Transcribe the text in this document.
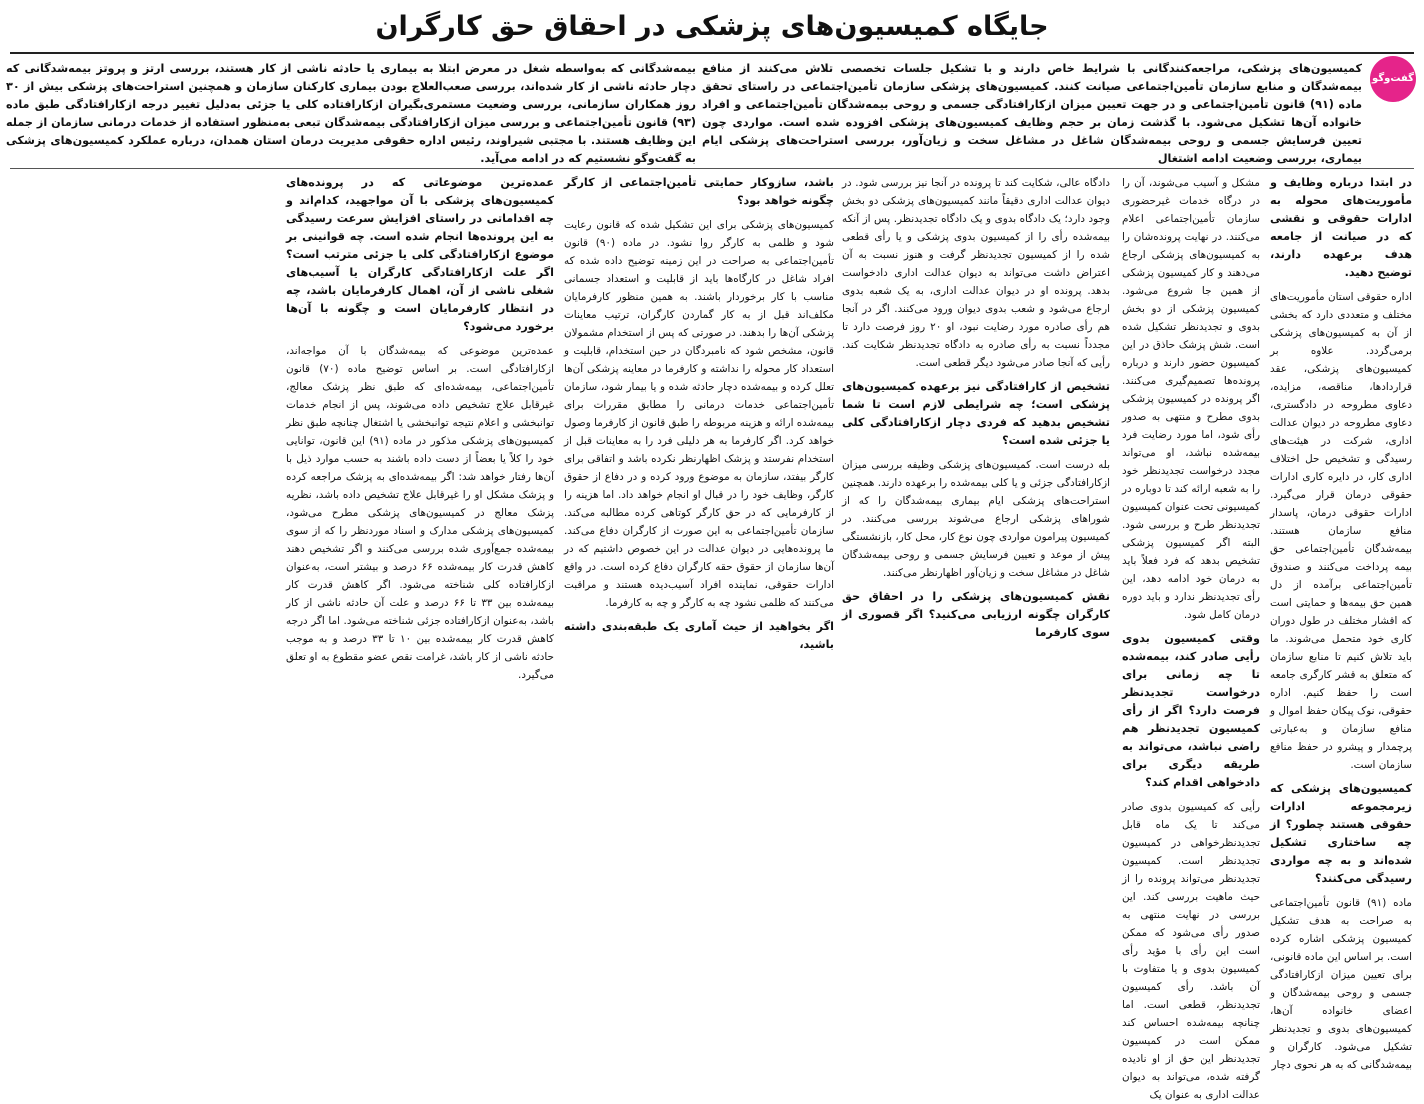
جایگاه کمیسیون‌های پزشکی در احقاق حق کارگران
گفت‌وگو
کمیسیون‌های پزشکی، مراجعه‌کنندگانی با شرایط خاص دارند و با تشکیل جلسات تخصصی تلاش می‌کنند از منافع بیمه‌شدگان و منابع سازمان تأمین‌اجتماعی صیانت کنند. کمیسیون‌های پزشکی سازمان تأمین‌اجتماعی در راستای تحقق ماده (۹۱) قانون تأمین‌اجتماعی و در جهت تعیین میزان ازکارافتادگی جسمی و روحی بیمه‌شدگان تأمین‌اجتماعی و افراد خانواده آن‌ها تشکیل می‌شود. با گذشت زمان بر حجم وظایف کمیسیون‌های پزشکی افزوده شده است. مواردی چون تعیین فرسایش جسمی و روحی بیمه‌شدگان شاغل در مشاغل سخت و زیان‌آور، بررسی استراحت‌های پزشکی ایام بیماری، بررسی وضعیت ادامه اشتغال
بیمه‌شدگانی که به‌واسطه شغل در معرض ابتلا به بیماری یا حادثه ناشی از کار هستند، بررسی ارتز و پروتز بیمه‌شدگانی که دچار حادثه ناشی از کار شده‌اند، بررسی صعب‌العلاج بودن بیماری کارکنان سازمان و همچنین استراحت‌های پزشکی بیش از ۳۰ روز همکاران سازمانی، بررسی وضعیت مستمری‌بگیران ازکارافتاده کلی یا جزئی به‌دلیل تغییر درجه ازکارافتادگی طبق ماده (۹۳) قانون تأمین‌اجتماعی و بررسی میزان ازکارافتادگی بیمه‌شدگان تبعی به‌منظور استفاده از خدمات درمانی سازمان از جمله این وظایف هستند. با مجتبی شیراوند، رئیس اداره حقوقی مدیریت درمان استان همدان، درباره عملکرد کمیسیون‌های پزشکی به گفت‌وگو نشستیم که در ادامه می‌آید.

در ابتدا درباره وظایف و مأموریت‌های محوله به ادارات حقوقی و نقشی که در صیانت از جامعه هدف برعهده دارند، توضیح دهید.

اداره حقوقی استان مأموریت‌های مختلف و متعددی دارد که بخشی از آن به کمیسیون‌های پزشکی برمی‌گردد. علاوه بر کمیسیون‌های پزشکی، عقد قراردادها، مناقصه، مزایده، دعاوی مطروحه در دادگستری، دعاوی مطروحه در دیوان عدالت اداری، شرکت در هیئت‌های رسیدگی و تشخیص حل اختلاف اداری کار، در دایره کاری ادارات حقوقی درمان قرار می‌گیرد. ادارات حقوقی درمان، پاسدار منافع سازمان هستند. بیمه‌شدگان تأمین‌اجتماعی حق بیمه پرداخت می‌کنند و صندوق تأمین‌اجتماعی برآمده از دل همین حق بیمه‌ها و حمایتی است که اقشار مختلف در طول دوران کاری خود متحمل می‌شوند. ما باید تلاش کنیم تا منابع سازمان که متعلق به قشر کارگری جامعه است را حفظ کنیم. اداره حقوقی، نوک پیکان حفظ اموال و منافع سازمان و به‌عبارتی پرچمدار و پیشرو در حفظ منافع سازمان است.

کمیسیون‌های پزشکی که زیرمجموعه ادارات حقوقی هستند چطور؟ از چه ساختاری تشکیل شده‌اند و به چه مواردی رسیدگی می‌کنند؟

ماده (۹۱) قانون تأمین‌اجتماعی به صراحت به هدف تشکیل کمیسیون پزشکی اشاره کرده است. بر اساس این ماده قانونی، برای تعیین میزان ازکارافتادگی جسمی و روحی بیمه‌شدگان و اعضای خانواده آن‌ها، کمیسیون‌های بدوی و تجدیدنظر تشکیل می‌شود. کارگران و بیمه‌شدگانی که به هر نحوی دچار

مشکل و آسیب می‌شوند، آن را در درگاه خدمات غیرحضوری سازمان تأمین‌اجتماعی اعلام می‌کنند. در نهایت پرونده‌شان را به کمیسیون‌های پزشکی ارجاع می‌دهند و کار کمیسیون پزشکی از همین جا شروع می‌شود. کمیسیون پزشکی از دو بخش بدوی و تجدیدنظر تشکیل شده است. شش پزشک حاذق در این کمیسیون حضور دارند و درباره پرونده‌ها تصمیم‌گیری می‌کنند. اگر پرونده در کمیسیون پزشکی بدوی مطرح و منتهی به صدور رأی شود، اما مورد رضایت فرد بیمه‌شده نباشد، او می‌تواند مجدد درخواست تجدیدنظر خود را به شعبه ارائه کند تا دوباره در کمیسیونی تحت عنوان کمیسیون تجدیدنظر طرح و بررسی شود. البته اگر کمیسیون پزشکی تشخیص بدهد که فرد فعلاً باید به درمان خود ادامه دهد، این رأی تجدیدنظر ندارد و باید دوره درمان کامل شود.

وقتی کمیسیون بدوی رأیی صادر کند، بیمه‌شده تا چه زمانی برای درخواست تجدیدنظر فرصت دارد؟ اگر از رأی کمیسیون تجدیدنظر هم راضی نباشد، می‌تواند به طریقه دیگری برای دادخواهی اقدام کند؟

رأیی که کمیسیون بدوی صادر می‌کند تا یک ماه قابل تجدیدنظرخواهی در کمیسیون تجدیدنظر است. کمیسیون تجدیدنظر می‌تواند پرونده را از حیث ماهیت بررسی کند. این بررسی در نهایت منتهی به صدور رأی می‌شود که ممکن است این رأی با مؤید رأی کمیسیون بدوی و یا متفاوت با آن باشد. رأی کمیسیون تجدیدنظر، قطعی است. اما چنانچه بیمه‌شده احساس کند ممکن است در کمیسیون تجدیدنظر این حق از او نادیده گرفته شده، می‌تواند به دیوان عدالت اداری به عنوان یک

دادگاه عالی، شکایت کند تا پرونده در آنجا نیز بررسی شود. در دیوان عدالت اداری دقیقاً مانند کمیسیون‌های پزشکی دو بخش وجود دارد؛ یک دادگاه بدوی و یک دادگاه تجدیدنظر. پس از آنکه بیمه‌شده رأی را از کمیسیون بدوی پزشکی و یا رأی قطعی شده را از کمیسیون تجدیدنظر گرفت و هنوز نسبت به آن اعتراض داشت می‌تواند به دیوان عدالت اداری دادخواست بدهد. پرونده او در دیوان عدالت اداری، به یک شعبه بدوی ارجاع می‌شود و شعب بدوی دیوان ورود می‌کنند. اگر در آنجا هم رأی صادره مورد رضایت نبود، او ۲۰ روز فرصت دارد تا مجدداً نسبت به رأی صادره به دادگاه تجدیدنظر شکایت کند. رأیی که آنجا صادر می‌شود دیگر قطعی است.

تشخیص از کارافتادگی نیز برعهده کمیسیون‌های پزشکی است؛ چه شرایطی لازم است تا شما تشخیص بدهید که فردی دچار ازکارافتادگی کلی یا جزئی شده است؟

بله درست است. کمیسیون‌های پزشکی وظیفه بررسی میزان ازکارافتادگی جزئی و یا کلی بیمه‌شده را برعهده دارند. همچنین استراحت‌های پزشکی ایام بیماری بیمه‌شدگان را که از شوراهای پزشکی ارجاع می‌شوند بررسی می‌کنند. در کمیسیون پیرامون مواردی چون نوع کار، محل کار، بازنشستگی پیش از موعد و تعیین فرسایش جسمی و روحی بیمه‌شدگان شاغل در مشاغل سخت و زیان‌آور اظهارنظر می‌کنند.

نقش کمیسیون‌های پزشکی را در احقاق حق کارگران چگونه ارزیابی می‌کنید؟ اگر قصوری از سوی کارفرما

باشد، سازوکار حمایتی تأمین‌اجتماعی از کارگر چگونه خواهد بود؟

کمیسیون‌های پزشکی برای این تشکیل شده که قانون رعایت شود و ظلمی به کارگر روا نشود. در ماده (۹۰) قانون تأمین‌اجتماعی به صراحت در این زمینه توضیح داده شده که افراد شاغل در کارگاه‌ها باید از قابلیت و استعداد جسمانی مناسب با کار برخوردار باشند. به همین منظور کارفرمایان مکلف‌اند قبل از به کار گماردن کارگران، ترتیب معاینات پزشکی آن‌ها را بدهند. در صورتی که پس از استخدام مشمولان قانون، مشخص شود که نامبردگان در حین استخدام، قابلیت و استعداد کار محوله را نداشته و کارفرما در معاینه پزشکی آن‌ها تعلل کرده و بیمه‌شده دچار حادثه شده و یا بیمار شود، سازمان تأمین‌اجتماعی خدمات درمانی را مطابق مقررات برای بیمه‌شده ارائه و هزینه مربوطه را طبق قانون از کارفرما وصول خواهد کرد. اگر کارفرما به هر دلیلی فرد را به معاینات قبل از استخدام نفرستد و پزشک اظهارنظر نکرده باشد و اتفاقی برای کارگر بیفتد، سازمان به موضوع ورود کرده و در دفاع از حقوق کارگر، وظایف خود را در قبال او انجام خواهد داد. اما هزینه را از کارفرمایی که در حق کارگر کوتاهی کرده مطالبه می‌کند. سازمان تأمین‌اجتماعی به این صورت از کارگران دفاع می‌کند. ما پرونده‌هایی در دیوان عدالت در این خصوص داشتیم که در آن‌ها سازمان از حقوق حقه کارگران دفاع کرده است. در واقع ادارات حقوقی، نماینده افراد آسیب‌دیده هستند و مراقبت می‌کنند که ظلمی نشود چه به کارگر و چه به کارفرما.

اگر بخواهید از حیث آماری یک طبقه‌بندی داشته باشید،

عمده‌ترین موضوعاتی که در پرونده‌های کمیسیون‌های پزشکی با آن مواجهید، کدام‌اند و چه اقداماتی در راستای افزایش سرعت رسیدگی به این پرونده‌ها انجام شده است. چه قوانینی بر موضوع ازکارافتادگی کلی یا جزئی مترتب است؟ اگر علت ازکارافتادگی کارگران یا آسیب‌های شغلی ناشی از آن، اهمال کارفرمایان باشد، چه در انتظار کارفرمایان است و چگونه با آن‌ها برخورد می‌شود؟

عمده‌ترین موضوعی که بیمه‌شدگان با آن مواجه‌اند، ازکارافتادگی است. بر اساس توضیح ماده (۷۰) قانون تأمین‌اجتماعی، بیمه‌شده‌ای که طبق نظر پزشک معالج، غیرقابل علاج تشخیص داده می‌شوند، پس از انجام خدمات توانبخشی و اعلام نتیجه توانبخشی یا اشتغال چنانچه طبق نظر کمیسیون‌های پزشکی مذکور در ماده (۹۱) این قانون، توانایی خود را کلاً یا بعضاً از دست داده باشند به حسب موارد ذیل با آن‌ها رفتار خواهد شد: اگر بیمه‌شده‌ای به پزشک مراجعه کرده و پزشک مشکل او را غیرقابل علاج تشخیص داده باشد، نظریه پزشک معالج در کمیسیون‌های پزشکی مطرح می‌شود، کمیسیون‌های پزشکی مدارک و اسناد موردنظر را که از سوی بیمه‌شده جمع‌آوری شده بررسی می‌کنند و اگر تشخیص دهند کاهش قدرت کار بیمه‌شده ۶۶ درصد و بیشتر است، به‌عنوان ازکارافتاده کلی شناخته می‌شود. اگر کاهش قدرت کار بیمه‌شده بین ۳۳ تا ۶۶ درصد و علت آن حادثه ناشی از کار باشد، به‌عنوان ازکارافتاده جزئی شناخته می‌شود. اما اگر درجه کاهش قدرت کار بیمه‌شده بین ۱۰ تا ۳۳ درصد و به موجب حادثه ناشی از کار باشد، غرامت نقص عضو مقطوع به او تعلق می‌گیرد.
